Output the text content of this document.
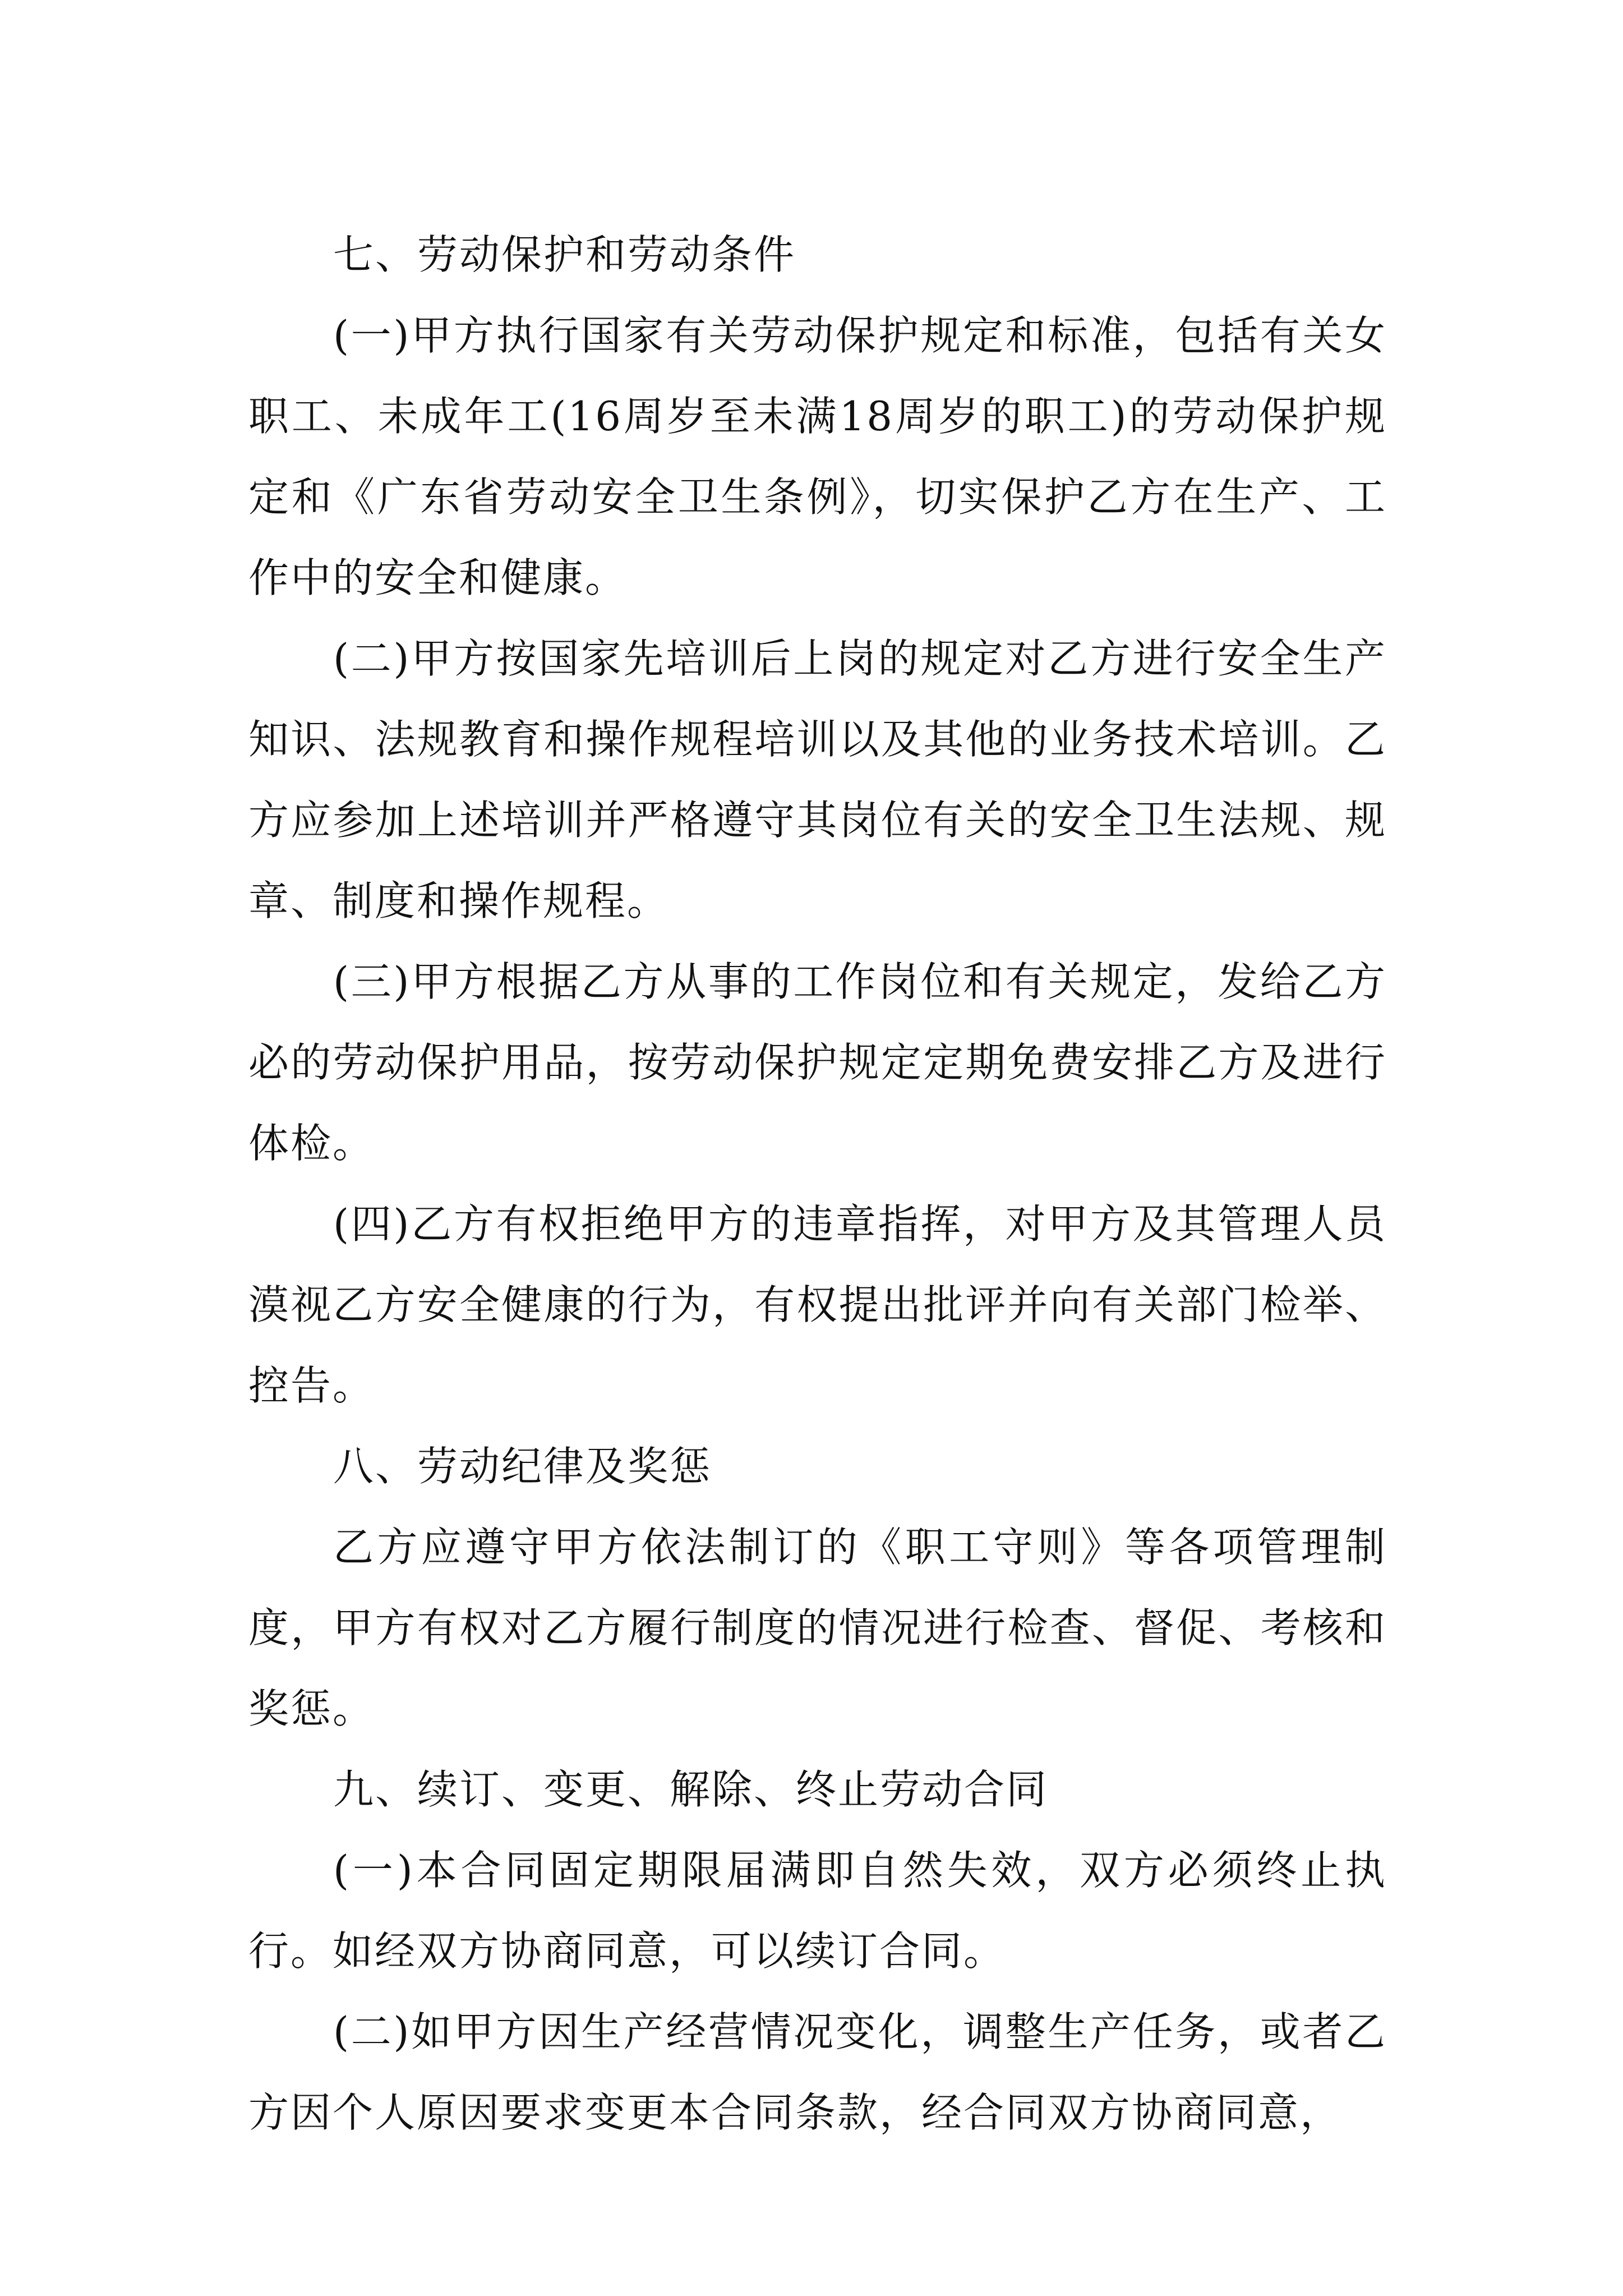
七、劳动保护和劳动条件

(一)甲方执行国家有关劳动保护规定和标准，包括有关女职工、未成年工(16周岁至未满18周岁的职工)的劳动保护规定和《广东省劳动安全卫生条例》，切实保护乙方在生产、工作中的安全和健康。

(二)甲方按国家先培训后上岗的规定对乙方进行安全生产知识、法规教育和操作规程培训以及其他的业务技术培训。乙方应参加上述培训并严格遵守其岗位有关的安全卫生法规、规章、制度和操作规程。

(三)甲方根据乙方从事的工作岗位和有关规定，发给乙方必的劳动保护用品，按劳动保护规定定期免费安排乙方及进行体检。

(四)乙方有权拒绝甲方的违章指挥，对甲方及其管理人员漠视乙方安全健康的行为，有权提出批评并向有关部门检举、控告。

八、劳动纪律及奖惩

乙方应遵守甲方依法制订的《职工守则》等各项管理制度，甲方有权对乙方履行制度的情况进行检查、督促、考核和奖惩。

九、续订、变更、解除、终止劳动合同

(一)本合同固定期限届满即自然失效，双方必须终止执行。如经双方协商同意，可以续订合同。

(二)如甲方因生产经营情况变化，调整生产任务，或者乙方因个人原因要求变更本合同条款，经合同双方协商同意，
